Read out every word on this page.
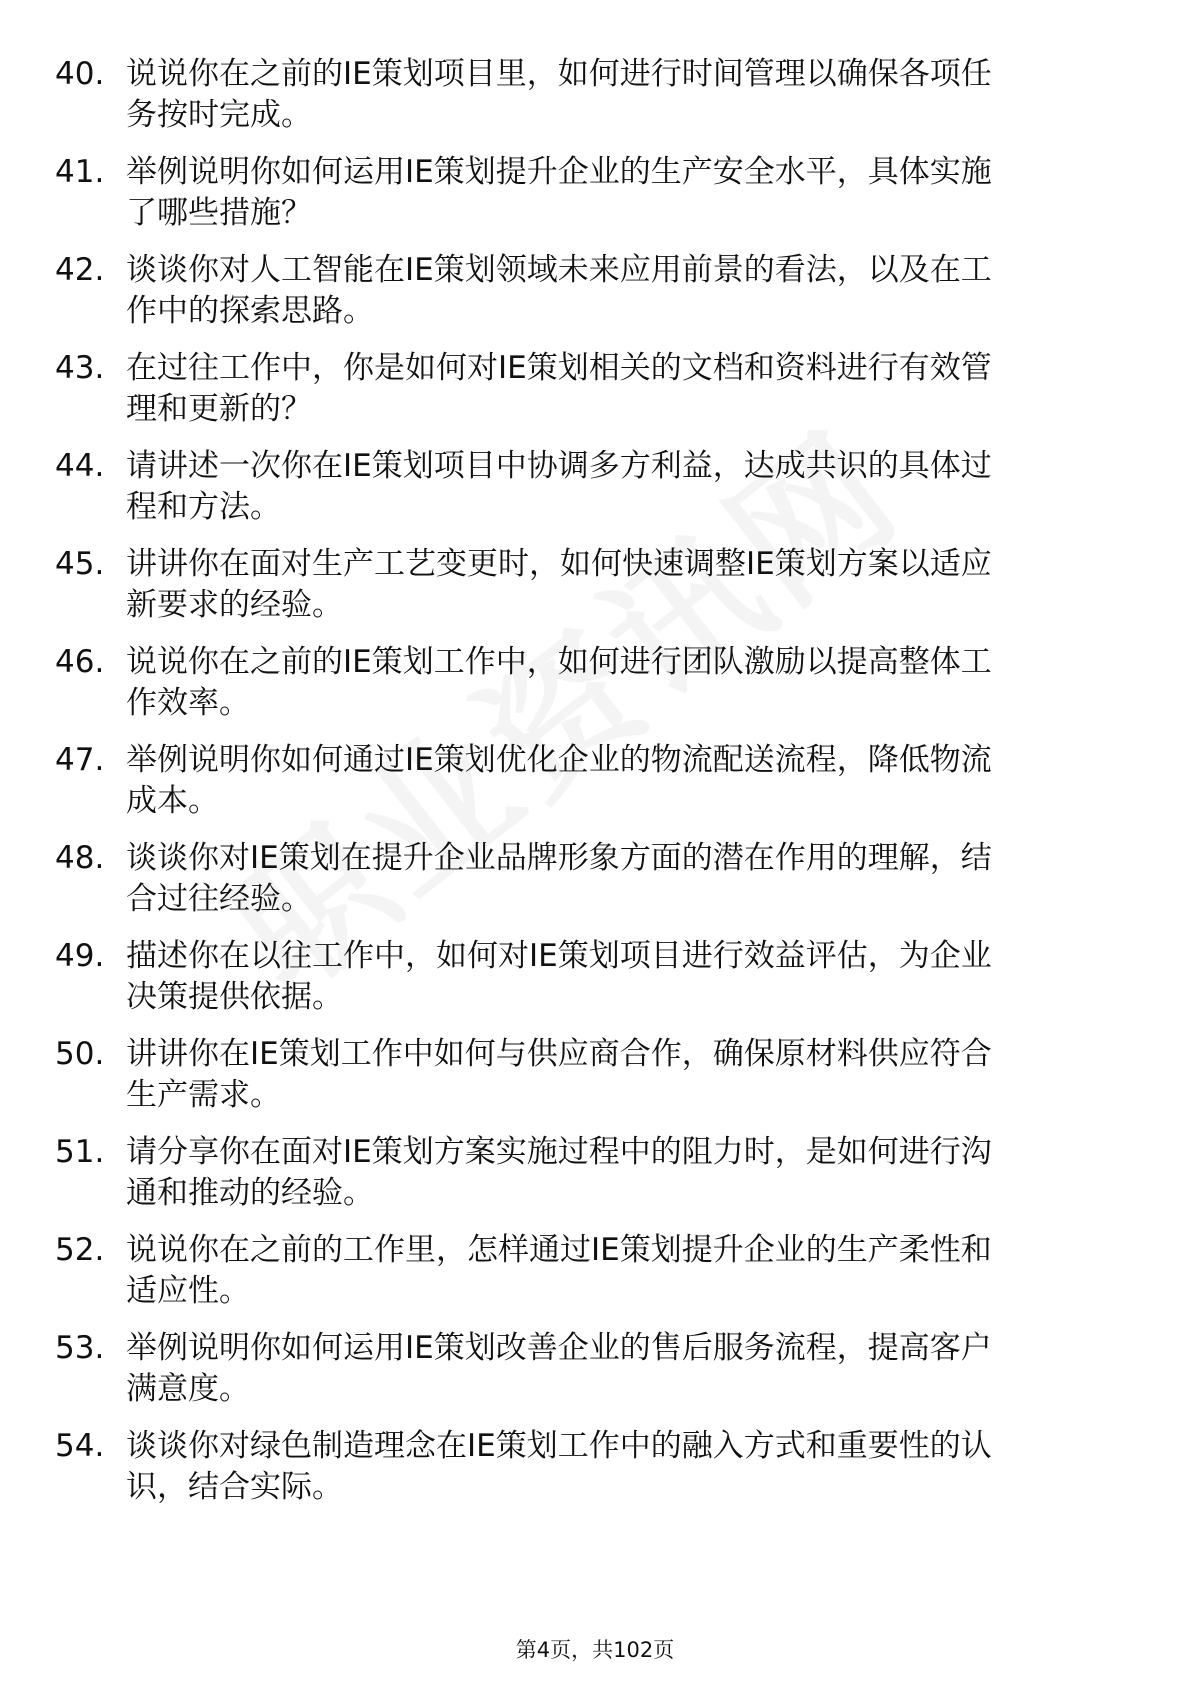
40. 说说你在之前的IE策划项目里，如何进行时间管理以确保各项任
务按时完成。
41. 举例说明你如何运用IE策划提升企业的生产安全水平，具体实施
了哪些措施？
42. 谈谈你对人工智能在IE策划领域未来应用前景的看法，以及在工
作中的探索思路。
43. 在过往工作中，你是如何对IE策划相关的文档和资料进行有效管
理和更新的？
44. 请讲述一次你在IE策划项目中协调多方利益，达成共识的具体过
程和方法。
45. 讲讲你在面对生产工艺变更时，如何快速调整IE策划方案以适应
新要求的经验。
46. 说说你在之前的IE策划工作中，如何进行团队激励以提高整体工
作效率。
47. 举例说明你如何通过IE策划优化企业的物流配送流程，降低物流
成本。
48. 谈谈你对IE策划在提升企业品牌形象方面的潜在作用的理解，结
合过往经验。
49. 描述你在以往工作中，如何对IE策划项目进行效益评估，为企业
决策提供依据。
50. 讲讲你在IE策划工作中如何与供应商合作，确保原材料供应符合
生产需求。
51. 请分享你在面对IE策划方案实施过程中的阻力时，是如何进行沟
通和推动的经验。
52. 说说你在之前的工作里，怎样通过IE策划提升企业的生产柔性和
适应性。
53. 举例说明你如何运用IE策划改善企业的售后服务流程，提高客户
满意度。
54. 谈谈你对绿色制造理念在IE策划工作中的融入方式和重要性的认
识，结合实际。
第4页，共102页
